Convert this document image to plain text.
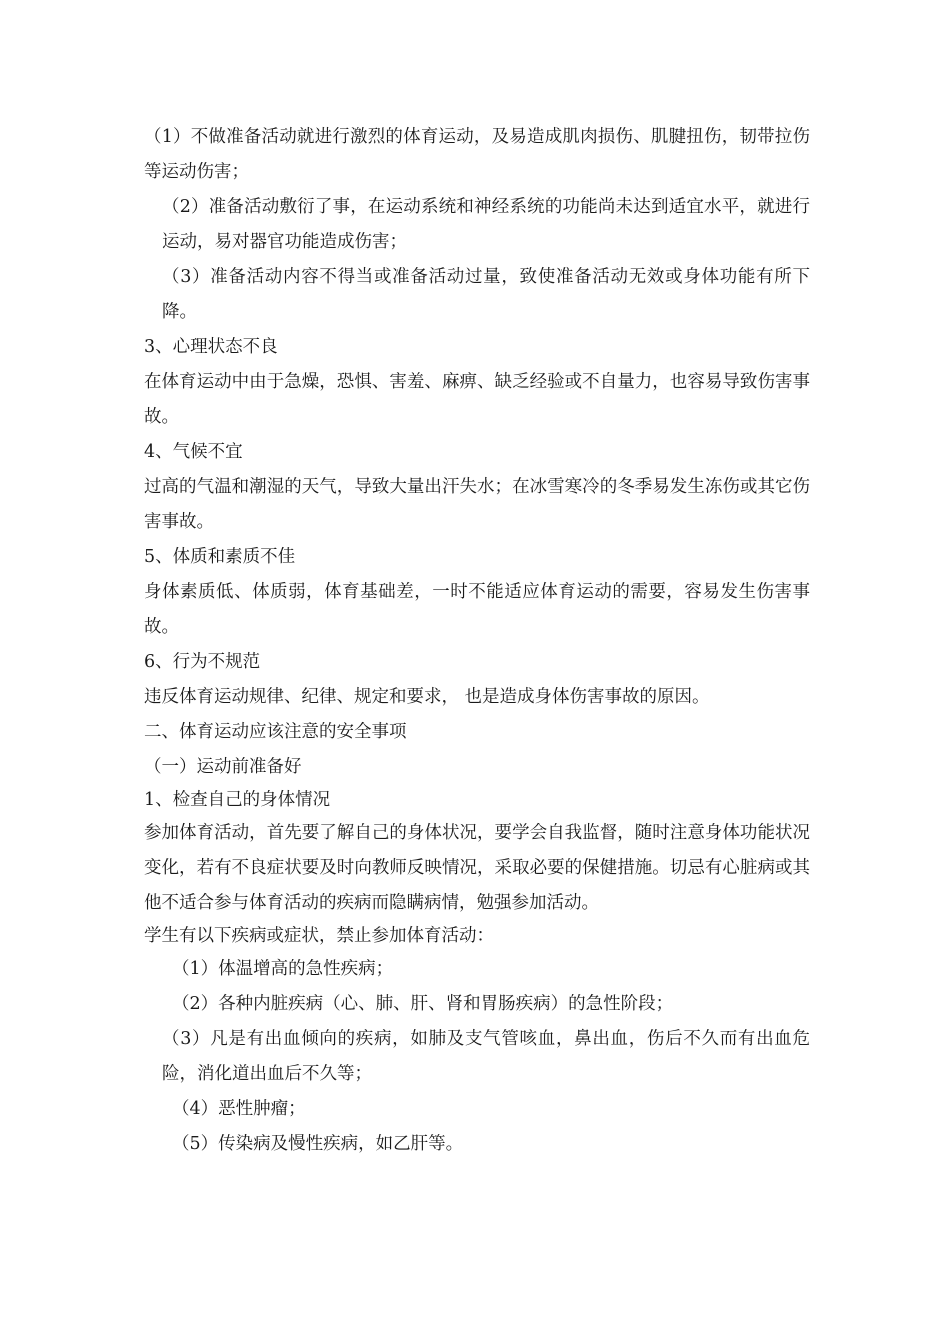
（1）不做准备活动就进行激烈的体育运动，及易造成肌肉损伤、肌腱扭伤，韧带拉伤等运动伤害；

（2）准备活动敷衍了事，在运动系统和神经系统的功能尚未达到适宜水平，就进行运动，易对器官功能造成伤害；

（3）准备活动内容不得当或准备活动过量，致使准备活动无效或身体功能有所下降。

3、心理状态不良

在体育运动中由于急燥，恐惧、害羞、麻痹、缺乏经验或不自量力，也容易导致伤害事故。

4、气候不宜

过高的气温和潮湿的天气，导致大量出汗失水；在冰雪寒冷的冬季易发生冻伤或其它伤害事故。

5、体质和素质不佳

身体素质低、体质弱，体育基础差，一时不能适应体育运动的需要，容易发生伤害事故。

6、行为不规范

违反体育运动规律、纪律、规定和要求， 也是造成身体伤害事故的原因。

二、体育运动应该注意的安全事项

（一）运动前准备好

1、检查自己的身体情况

参加体育活动，首先要了解自己的身体状况，要学会自我监督，随时注意身体功能状况变化，若有不良症状要及时向教师反映情况，采取必要的保健措施。切忌有心脏病或其他不适合参与体育活动的疾病而隐瞒病情，勉强参加活动。

学生有以下疾病或症状，禁止参加体育活动：

（1）体温增高的急性疾病；

（2）各种内脏疾病（心、肺、肝、肾和胃肠疾病）的急性阶段；

（3）凡是有出血倾向的疾病，如肺及支气管咳血，鼻出血，伤后不久而有出血危险，消化道出血后不久等；

（4）恶性肿瘤；

（5）传染病及慢性疾病，如乙肝等。
